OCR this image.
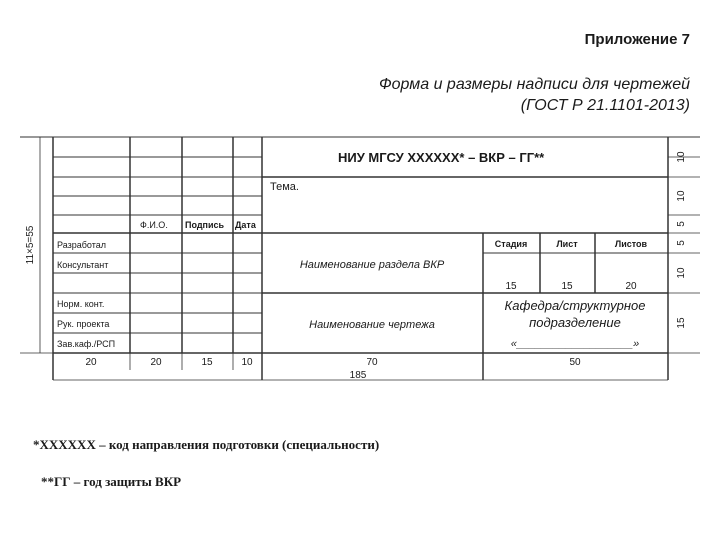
Приложение 7
Форма и размеры надписи для чертежей
(ГОСТ Р 21.1101-2013)
НИУ МГСУ XXXXXX* – ВКР – ГГ**
Тема.
Ф.И.О. Подпись Дата
Разработал
Консультант
Норм. конт.
Рук. проекта
Зав.каф./РСП
Наименование раздела ВКР
Наименование чертежа
Стадия	Лист	Листов
15	15	20
Кафедра/структурное
подразделение
«___________________»
20	20	15	10	70	50
185
10
10
5
5
10
15
11×5=55
*XXXXXX – код направления подготовки (специальности)
**ГГ – год защиты ВКР
